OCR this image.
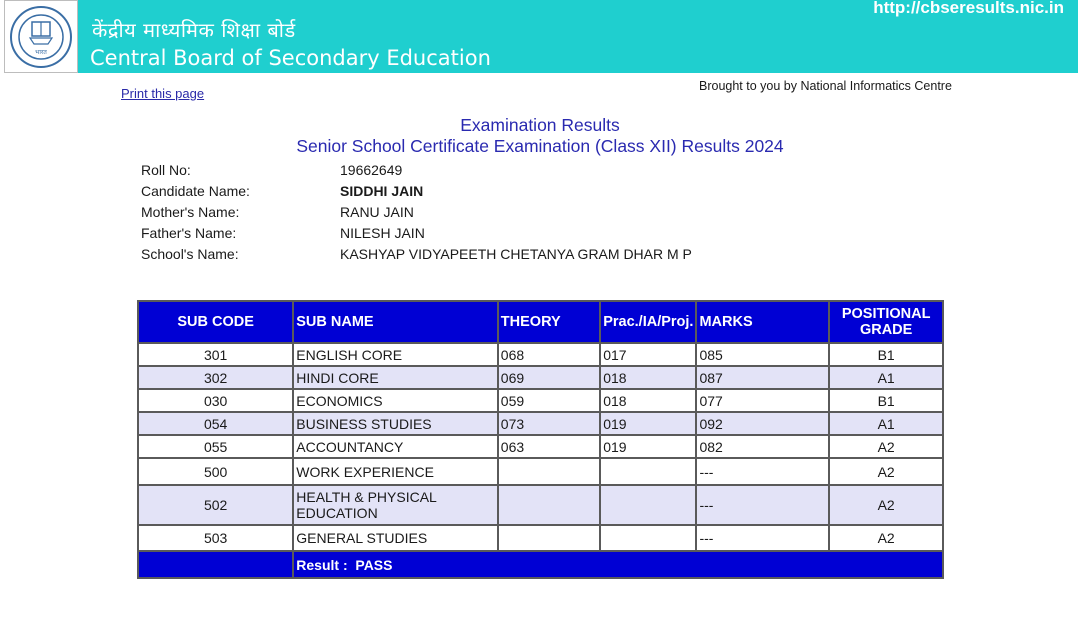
भारत
केंद्रीय माध्यमिक शिक्षा बोर्ड
Central Board of Secondary Education
http://cbseresults.nic.in
Print this page	Brought to you by National Informatics Centre
Examination Results
Senior School Certificate Examination (Class XII) Results 2024
Roll No:	19662649
Candidate Name:	SIDDHI JAIN
Mother's Name:	RANU JAIN
Father's Name:	NILESH JAIN
School's Name:	KASHYAP VIDYAPEETH CHETANYA GRAM DHAR M P
SUB CODE	SUB NAME	THEORY	Prac./IA/Proj.	MARKS	POSITIONAL GRADE
301	ENGLISH CORE	068	017	085	B1
302	HINDI CORE	069	018	087	A1
030	ECONOMICS	059	018	077	B1
054	BUSINESS STUDIES	073	019	092	A1
055	ACCOUNTANCY	063	019	082	A2
500	WORK EXPERIENCE			---	A2
502	HEALTH & PHYSICAL EDUCATION			---	A2
503	GENERAL STUDIES			---	A2
	Result : PASS				
